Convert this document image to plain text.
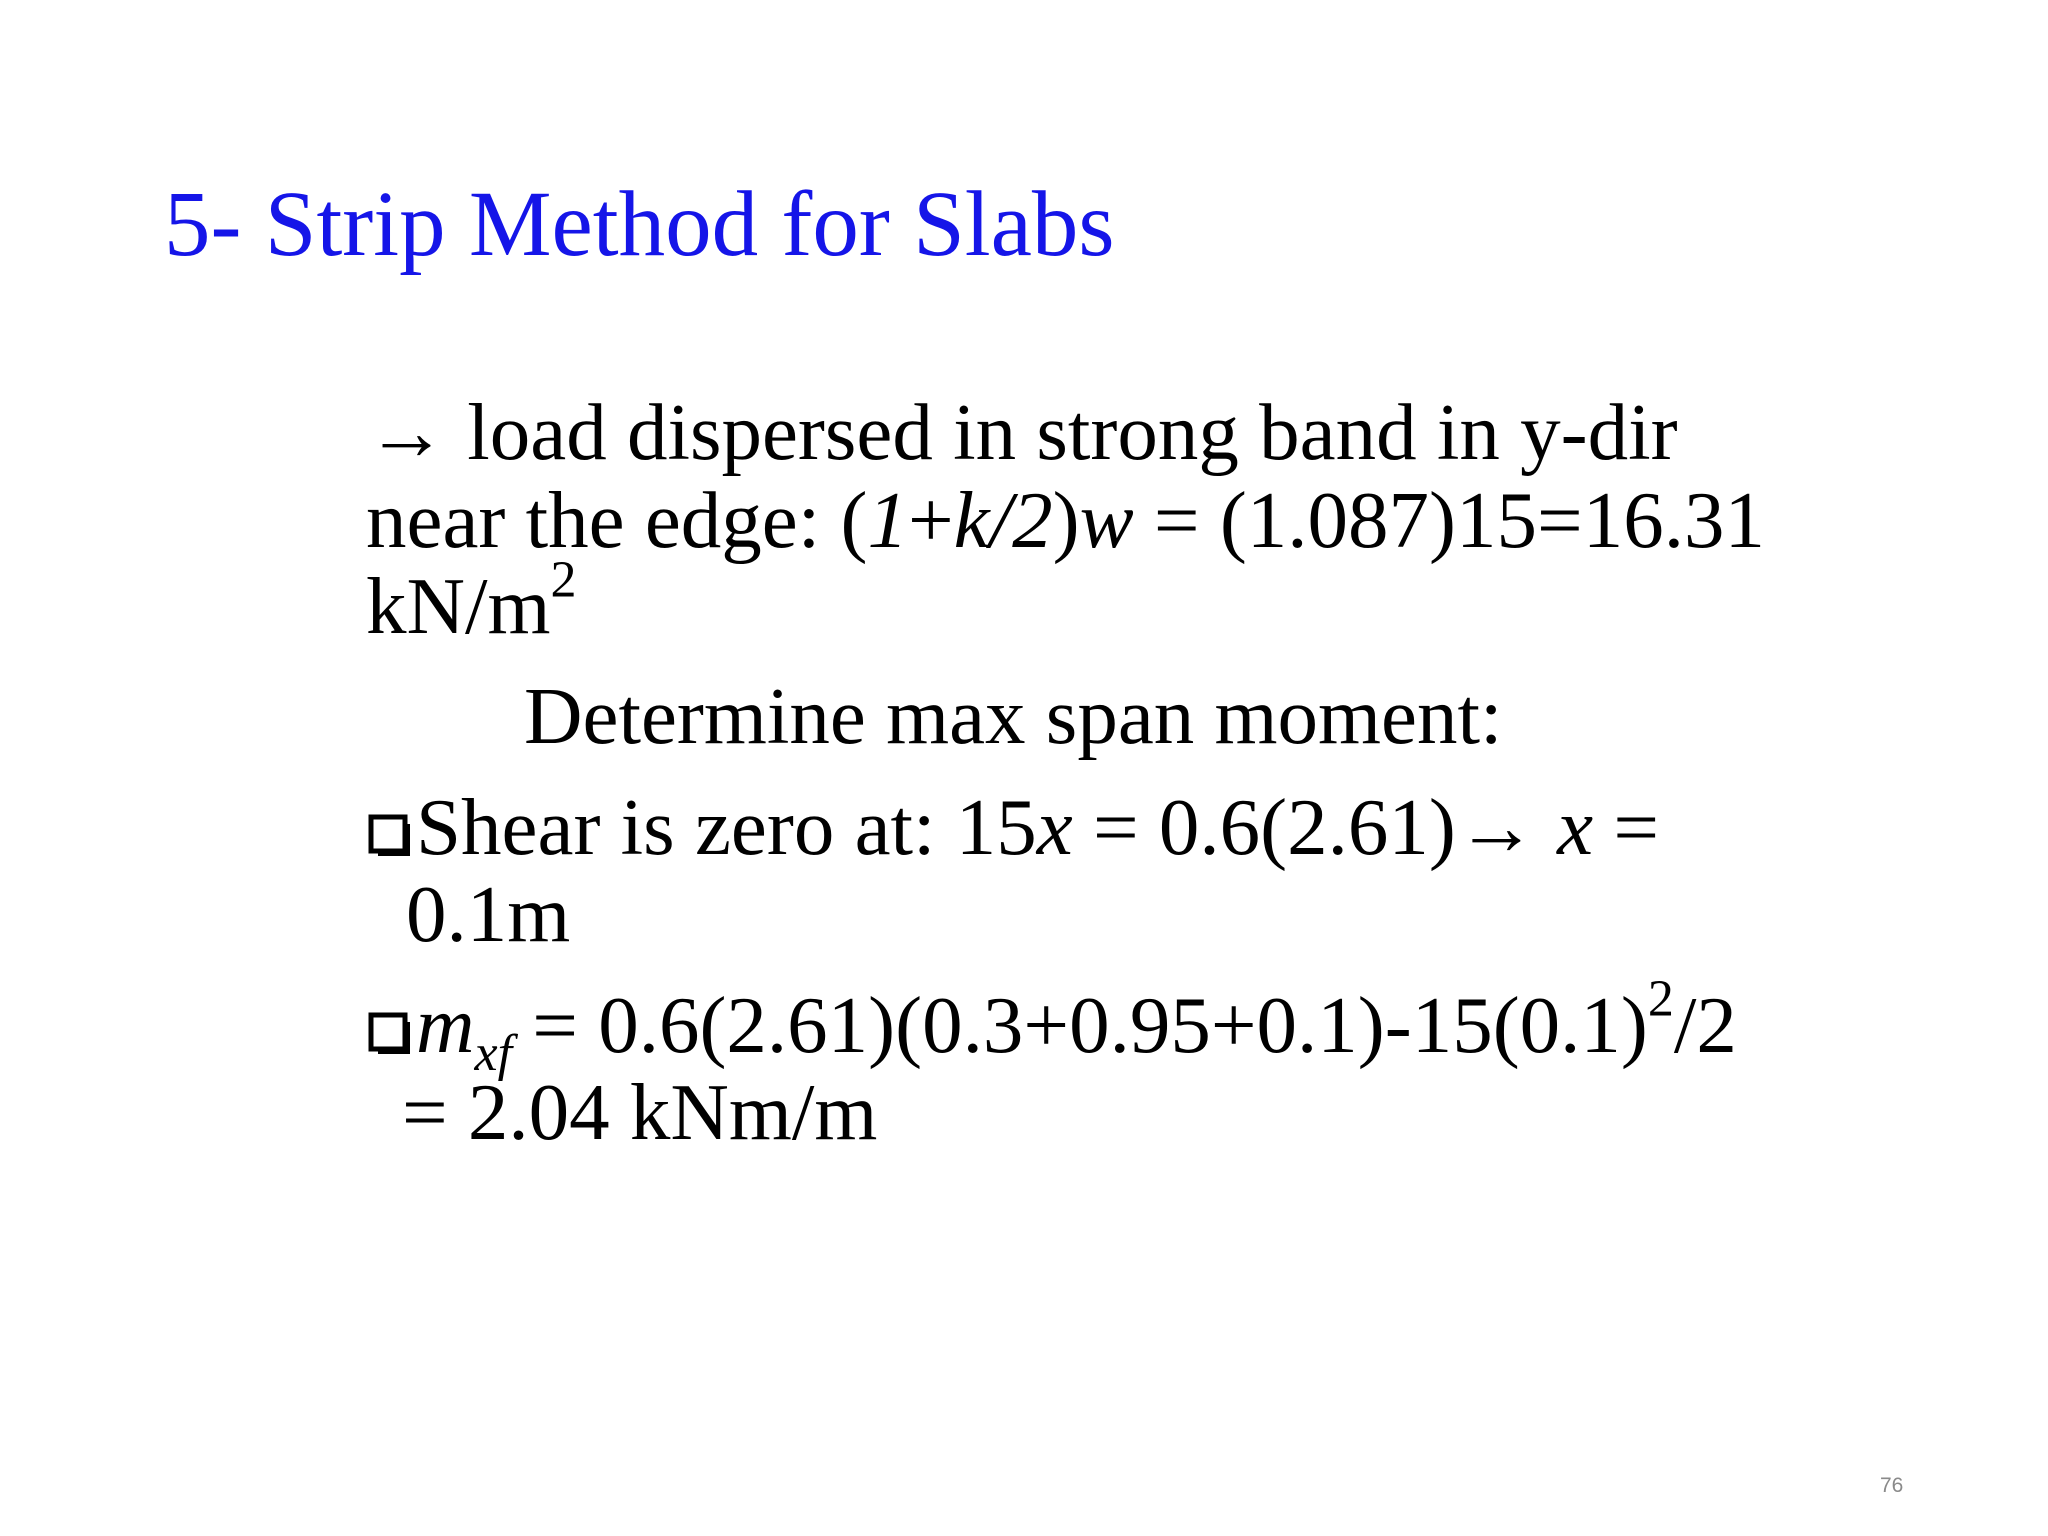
5- Strip Method for Slabs
→ load dispersed in strong band in y-dir
near the edge: (1+k/2)w = (1.087)15=16.31
$kN/m^2$
Determine max span moment:
Shear is zero at: 15x = 0.6(2.61)→ x =
0.1m
$m_{xf} = 0.6(2.61)(0.3+0.95+0.1)-15(0.1)^2/2$
= 2.04 kNm/m
76
